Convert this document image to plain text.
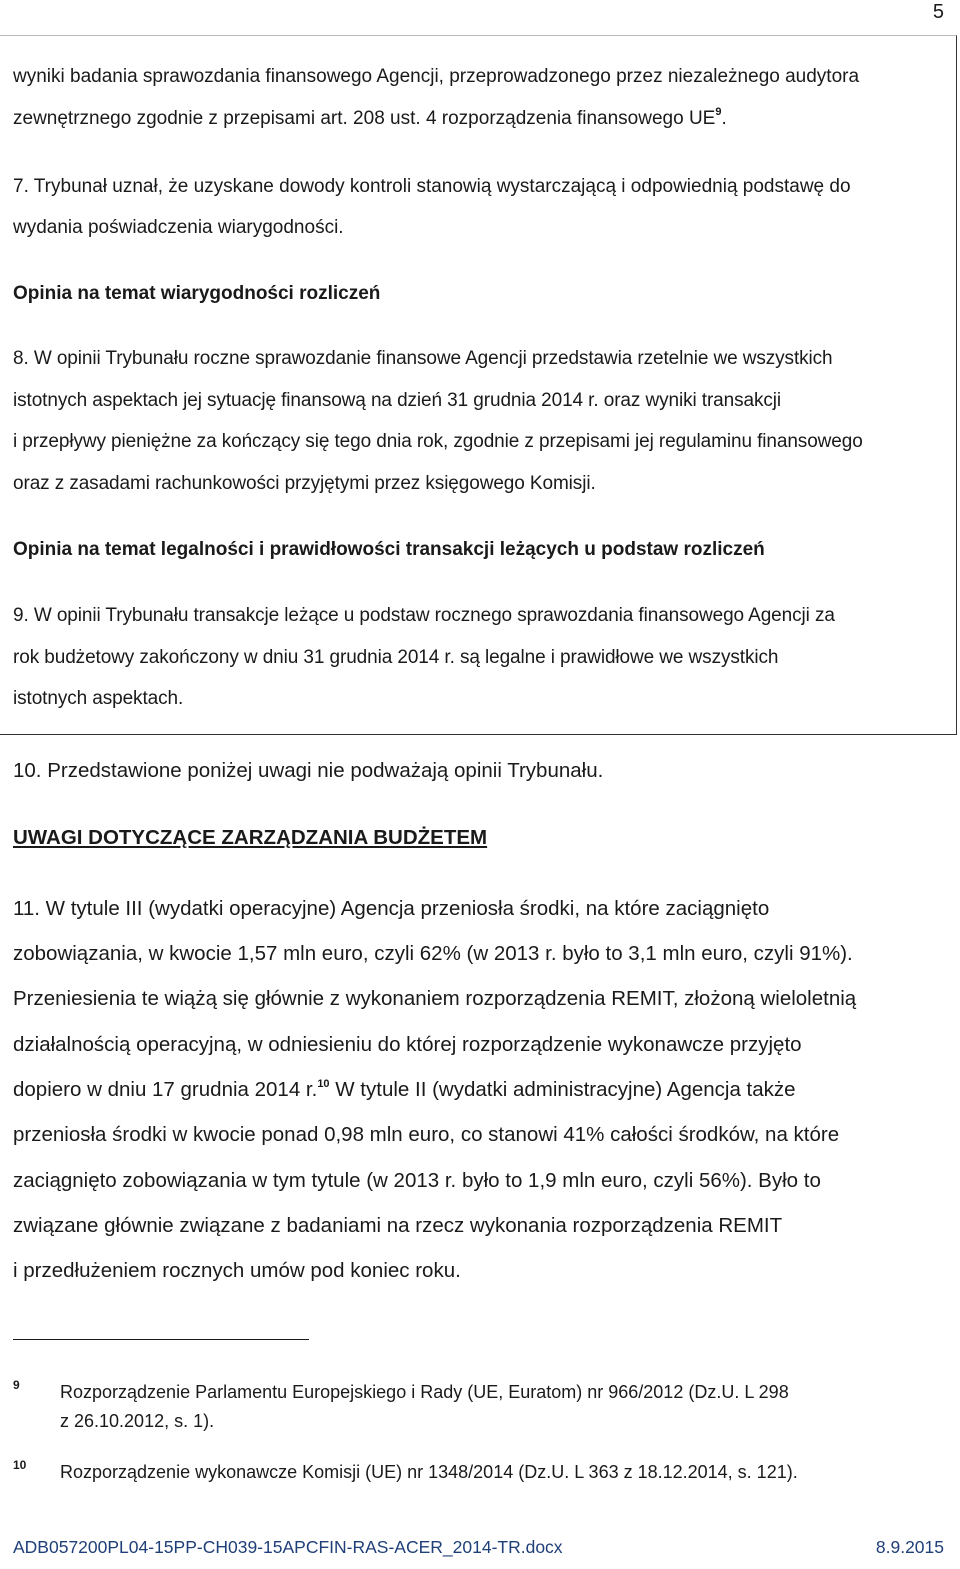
5

wyniki badania sprawozdania finansowego Agencji, przeprowadzonego przez niezależnego audytora

zewnętrznego zgodnie z przepisami art. 208 ust. 4 rozporządzenia finansowego $UE^9$.

7. Trybunał uznał, że uzyskane dowody kontroli stanowią wystarczającą i odpowiednią podstawę do

wydania poświadczenia wiarygodności.

Opinia na temat wiarygodności rozliczeń

8. W opinii Trybunału roczne sprawozdanie finansowe Agencji przedstawia rzetelnie we wszystkich

istotnych aspektach jej sytuację finansową na dzień 31 grudnia 2014 r. oraz wyniki transakcji

i przepływy pieniężne za kończący się tego dnia rok, zgodnie z przepisami jej regulaminu finansowego

oraz z zasadami rachunkowości przyjętymi przez księgowego Komisji.

Opinia na temat legalności i prawidłowości transakcji leżących u podstaw rozliczeń

9. W opinii Trybunału transakcje leżące u podstaw rocznego sprawozdania finansowego Agencji za

rok budżetowy zakończony w dniu 31 grudnia 2014 r. są legalne i prawidłowe we wszystkich

istotnych aspektach.

10. Przedstawione poniżej uwagi nie podważają opinii Trybunału.

UWAGI DOTYCZĄCE ZARZĄDZANIA BUDŻETEM

11. W tytule III (wydatki operacyjne) Agencja przeniosła środki, na które zaciągnięto

zobowiązania, w kwocie 1,57 mln euro, czyli 62% (w 2013 r. było to 3,1 mln euro, czyli 91%).

Przeniesienia te wiążą się głównie z wykonaniem rozporządzenia REMIT, złożoną wieloletnią

działalnością operacyjną, w odniesieniu do której rozporządzenie wykonawcze przyjęto

dopiero w dniu 17 grudnia 2014 r.$^{10}$ W tytule II (wydatki administracyjne) Agencja także

przeniosła środki w kwocie ponad 0,98 mln euro, co stanowi 41% całości środków, na które

zaciągnięto zobowiązania w tym tytule (w 2013 r. było to 1,9 mln euro, czyli 56%). Było to

związane głównie związane z badaniami na rzecz wykonania rozporządzenia REMIT

i przedłużeniem rocznych umów pod koniec roku.

9 Rozporządzenie Parlamentu Europejskiego i Rady (UE, Euratom) nr 966/2012 (Dz.U. L 298
z 26.10.2012, s. 1).
10 Rozporządzenie wykonawcze Komisji (UE) nr 1348/2014 (Dz.U. L 363 z 18.12.2014, s. 121).
ADB057200PL04-15PP-CH039-15APCFIN-RAS-ACER_2014-TR.docx	8.9.2015
